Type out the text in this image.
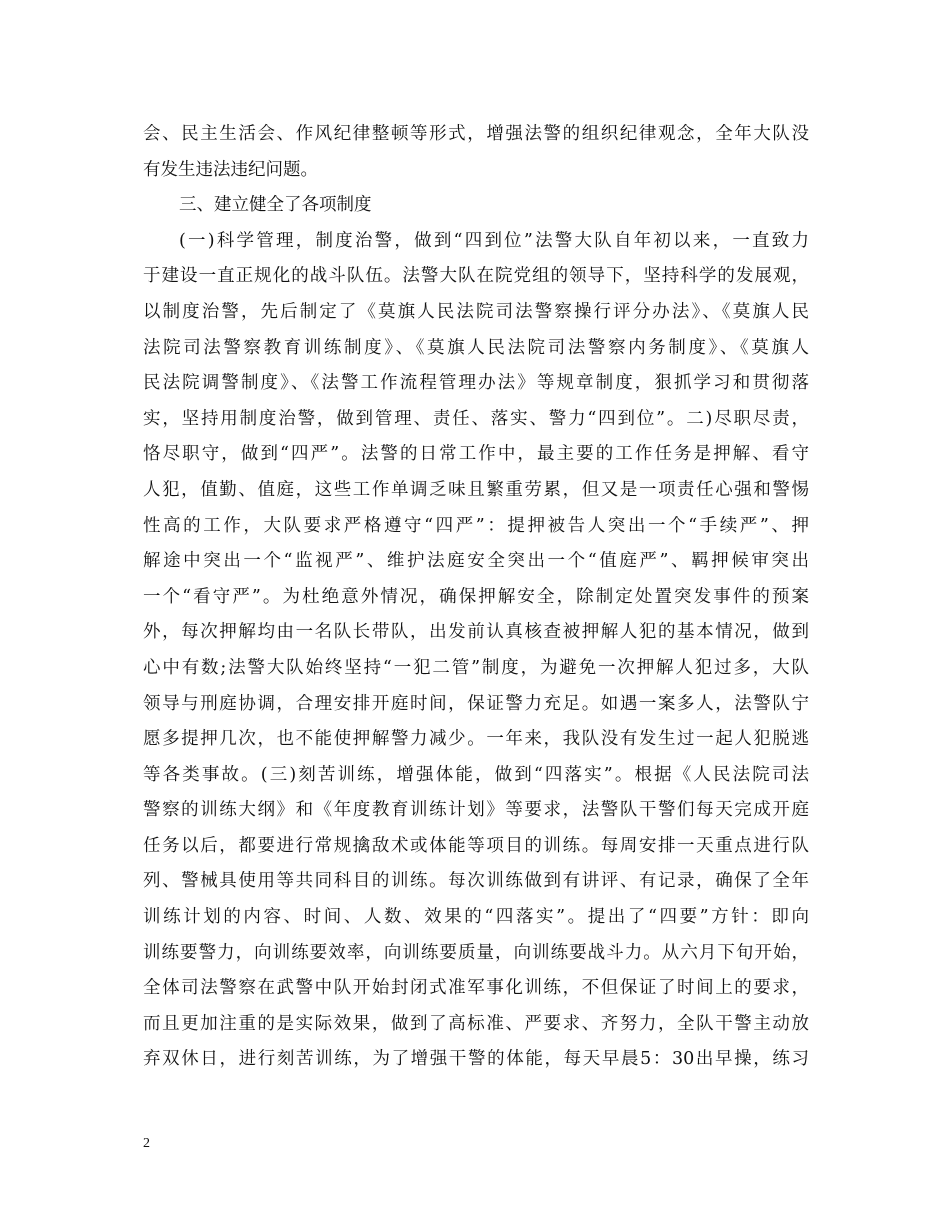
会、民主生活会、作风纪律整顿等形式，增强法警的组织纪律观念，全年大队没
有发生违法违纪问题。
三、建立健全了各项制度
(一)科学管理，制度治警，做到“四到位”法警大队自年初以来，一直致力
于建设一直正规化的战斗队伍。法警大队在院党组的领导下，坚持科学的发展观，
以制度治警，先后制定了《莫旗人民法院司法警察操行评分办法》、《莫旗人民
法院司法警察教育训练制度》、《莫旗人民法院司法警察内务制度》、《莫旗人
民法院调警制度》、《法警工作流程管理办法》等规章制度，狠抓学习和贯彻落
实，坚持用制度治警，做到管理、责任、落实、警力“四到位”。二)尽职尽责，
恪尽职守，做到“四严”。法警的日常工作中，最主要的工作任务是押解、看守
人犯，值勤、值庭，这些工作单调乏味且繁重劳累，但又是一项责任心强和警惕
性高的工作，大队要求严格遵守“四严”：提押被告人突出一个“手续严”、押
解途中突出一个“监视严”、维护法庭安全突出一个“值庭严”、羁押候审突出
一个“看守严”。为杜绝意外情况，确保押解安全，除制定处置突发事件的预案
外，每次押解均由一名队长带队，出发前认真核查被押解人犯的基本情况，做到
心中有数;法警大队始终坚持“一犯二管”制度，为避免一次押解人犯过多，大队
领导与刑庭协调，合理安排开庭时间，保证警力充足。如遇一案多人，法警队宁
愿多提押几次，也不能使押解警力减少。一年来，我队没有发生过一起人犯脱逃
等各类事故。(三)刻苦训练，增强体能，做到“四落实”。根据《人民法院司法
警察的训练大纲》和《年度教育训练计划》等要求，法警队干警们每天完成开庭
任务以后，都要进行常规擒敌术或体能等项目的训练。每周安排一天重点进行队
列、警械具使用等共同科目的训练。每次训练做到有讲评、有记录，确保了全年
训练计划的内容、时间、人数、效果的“四落实”。提出了“四要”方针：即向
训练要警力，向训练要效率，向训练要质量，向训练要战斗力。从六月下旬开始，
全体司法警察在武警中队开始封闭式准军事化训练，不但保证了时间上的要求，
而且更加注重的是实际效果，做到了高标准、严要求、齐努力，全队干警主动放
弃双休日，进行刻苦训练，为了增强干警的体能，每天早晨5：30出早操，练习
2
